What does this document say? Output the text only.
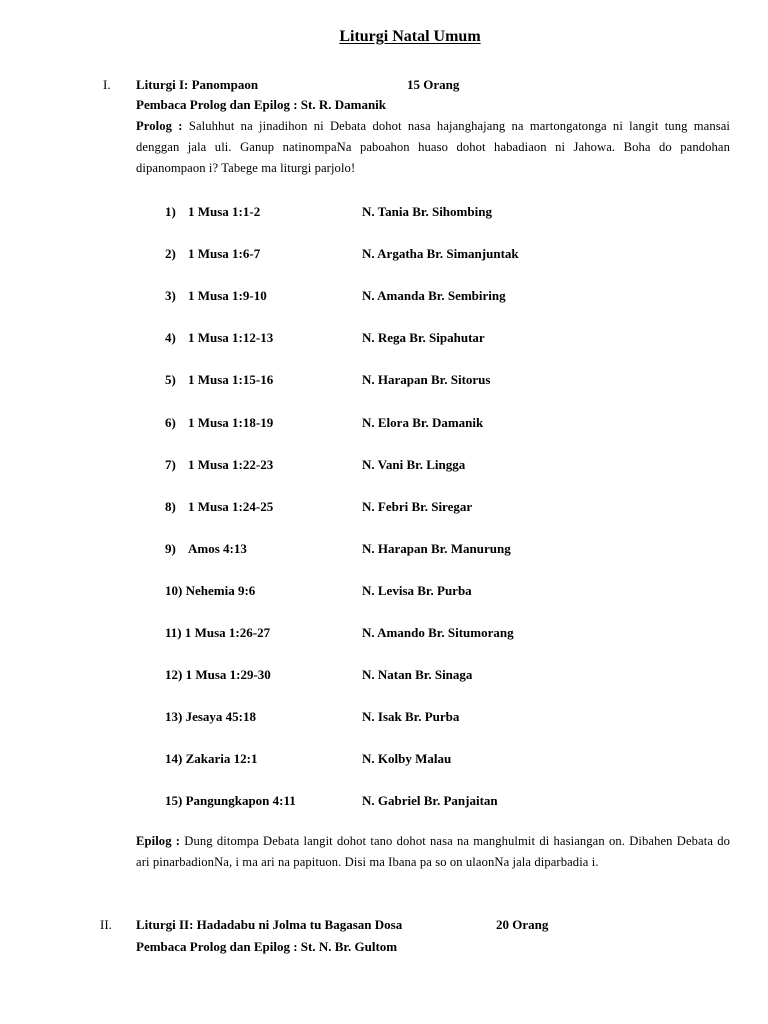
Liturgi Natal Umum
I. Liturgi I: Panompaon	15 Orang
Pembaca Prolog dan Epilog : St. R. Damanik
Prolog : Saluhhut na jinadihon ni Debata dohot nasa hajanghajang na martongatonga ni langit tung mansai denggan jala uli. Ganup natinompaNa paboahon huaso dohot habadiaon ni Jahowa. Boha do pandohan dipanompaon i? Tabege ma liturgi parjolo!
1) 1 Musa 1:1-2	N. Tania Br. Sihombing
2) 1 Musa 1:6-7	N. Argatha Br. Simanjuntak
3) 1 Musa 1:9-10	N. Amanda Br. Sembiring
4) 1 Musa 1:12-13	N. Rega Br. Sipahutar
5) 1 Musa 1:15-16	N. Harapan Br. Sitorus
6) 1 Musa 1:18-19	N. Elora Br. Damanik
7) 1 Musa 1:22-23	N. Vani Br. Lingga
8) 1 Musa 1:24-25	N. Febri Br. Siregar
9) Amos 4:13	N. Harapan Br. Manurung
10) Nehemia 9:6	N. Levisa Br. Purba
11) 1 Musa 1:26-27	N. Amando Br. Situmorang
12) 1 Musa 1:29-30	N. Natan Br. Sinaga
13) Jesaya 45:18	N. Isak Br. Purba
14) Zakaria 12:1	N. Kolby Malau
15) Pangungkapon 4:11	N. Gabriel Br. Panjaitan
Epilog : Dung ditompa Debata langit dohot tano dohot nasa na manghulmit di hasiangan on. Dibahen Debata do ari pinarbadionNa, i ma ari na papituon. Disi ma Ibana pa so on ulaonNa jala diparbadia i.
II. Liturgi II: Hadadabu ni Jolma tu Bagasan Dosa	20 Orang
Pembaca Prolog dan Epilog : St. N. Br. Gultom
